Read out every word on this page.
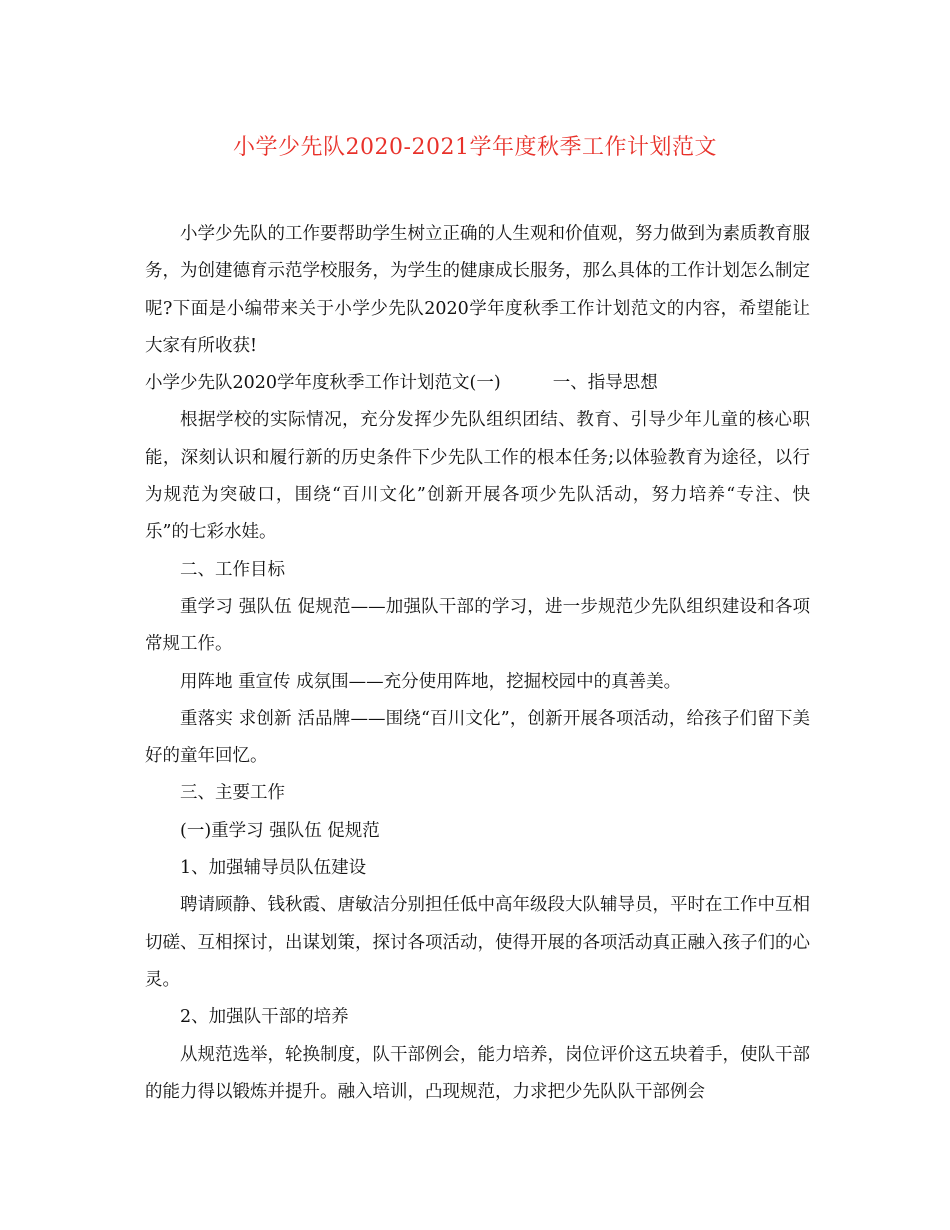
小学少先队2020-2021学年度秋季工作计划范文

小学少先队的工作要帮助学生树立正确的人生观和价值观，努力做到为素质教育服务，为创建德育示范学校服务，为学生的健康成长服务，那么具体的工作计划怎么制定呢?下面是小编带来关于小学少先队2020学年度秋季工作计划范文的内容，希望能让大家有所收获!

小学少先队2020学年度秋季工作计划范文(一)	一、指导思想

根据学校的实际情况，充分发挥少先队组织团结、教育、引导少年儿童的核心职能，深刻认识和履行新的历史条件下少先队工作的根本任务;以体验教育为途径，以行为规范为突破口，围绕“百川文化”创新开展各项少先队活动，努力培养“专注、快乐”的七彩水娃。

二、工作目标

重学习 强队伍 促规范——加强队干部的学习，进一步规范少先队组织建设和各项常规工作。

用阵地 重宣传 成氛围——充分使用阵地，挖掘校园中的真善美。

重落实 求创新 活品牌——围绕“百川文化”，创新开展各项活动，给孩子们留下美好的童年回忆。

三、主要工作

(一)重学习 强队伍 促规范

1、加强辅导员队伍建设

聘请顾静、钱秋霞、唐敏洁分别担任低中高年级段大队辅导员，平时在工作中互相切磋、互相探讨，出谋划策，探讨各项活动，使得开展的各项活动真正融入孩子们的心灵。

2、加强队干部的培养

从规范选举，轮换制度，队干部例会，能力培养，岗位评价这五块着手，使队干部的能力得以锻炼并提升。融入培训，凸现规范，力求把少先队队干部例会
